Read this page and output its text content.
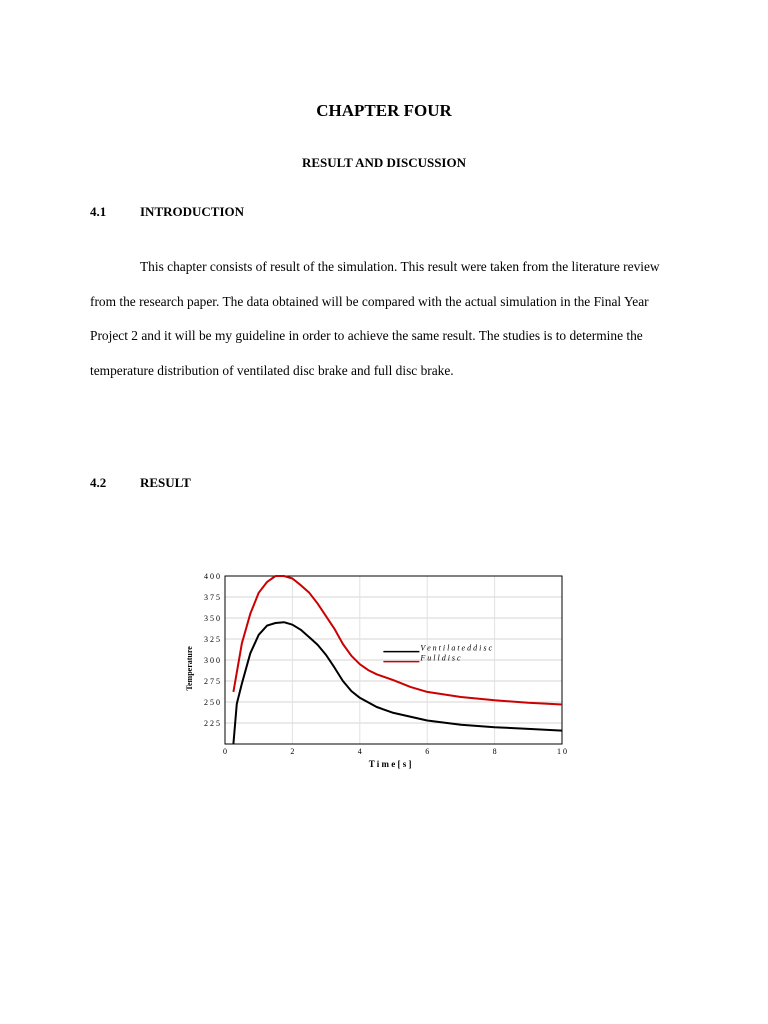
CHAPTER FOUR
RESULT AND DISCUSSION
4.1	INTRODUCTION
This chapter consists of result of the simulation. This result were taken from the literature review from the research paper. The data obtained will be compared with the actual simulation in the Final Year Project 2 and it will be my guideline in order to achieve the same result. The studies is to determine the temperature distribution of ventilated disc brake and full disc brake.
4.2	RESULT
2 2 5
2 5 0
2 7 5
3 0 0
3 2 5
3 5 0
3 7 5
4 0 0
0	2	4	6	8	1 0
T i m e [ s ]
Temperature	V e n t i l a t e d d i s c
F u l l d i s c
